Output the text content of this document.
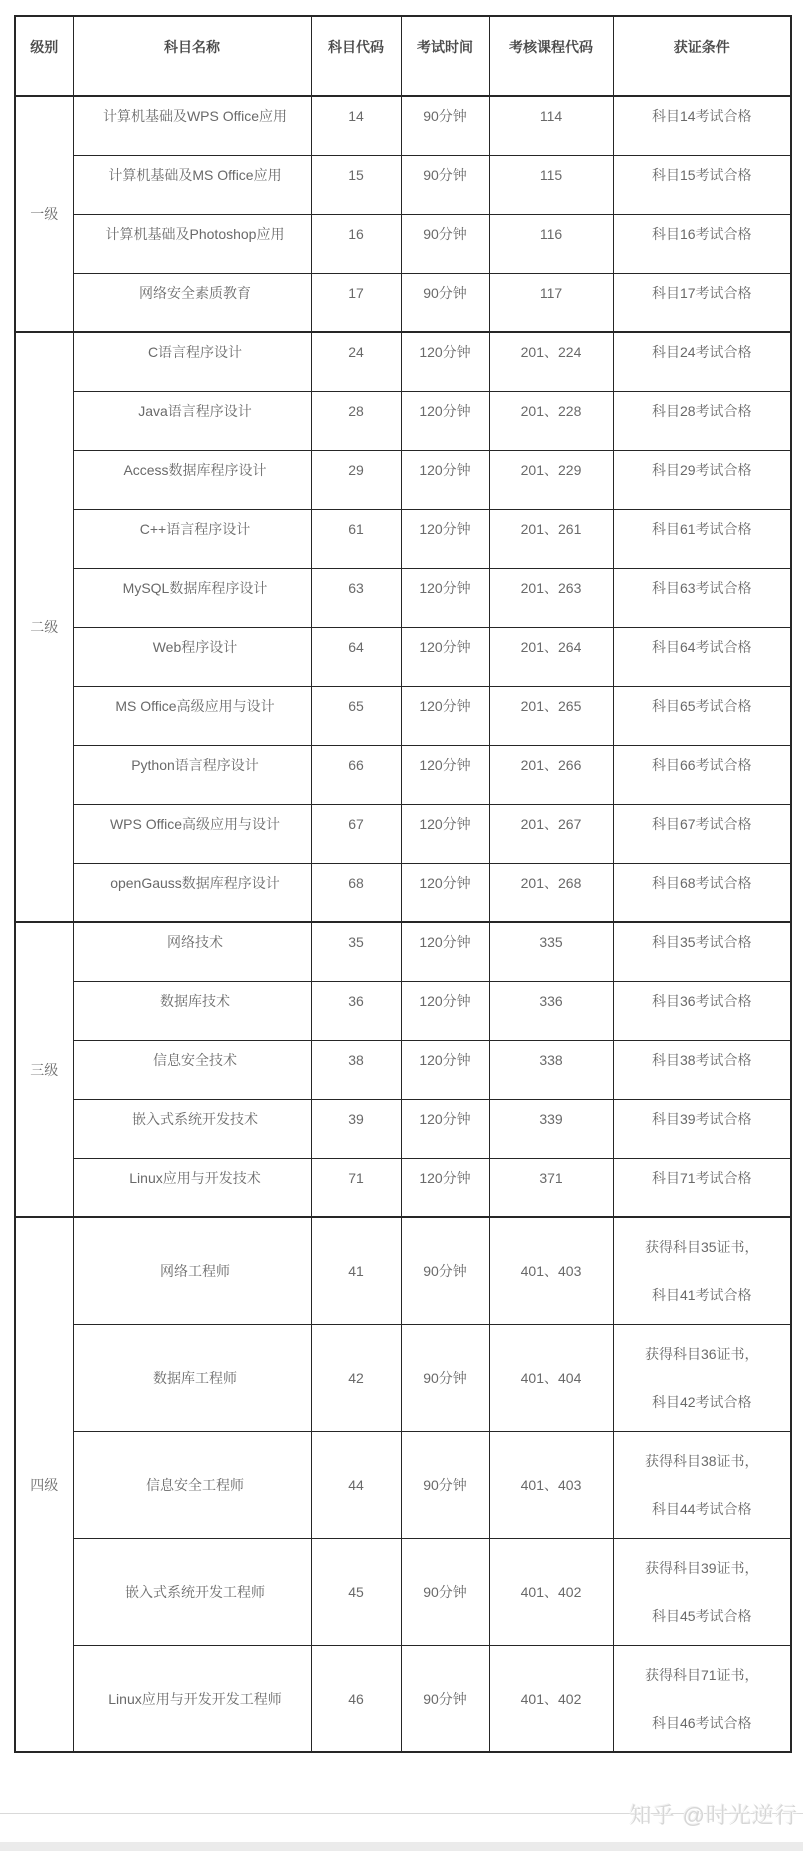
级别	科目名称	科目代码	考试时间	考核课程代码	获证条件
一级	计算机基础及WPS Office应用	14	90分钟	114	科目14考试合格

	计算机基础及MS Office应用	15	90分钟	115	科目15考试合格

	计算机基础及Photoshop应用	16	90分钟	116	科目16考试合格

	网络安全素质教育	17	90分钟	117	科目17考试合格

二级	C语言程序设计	24	120分钟	201、224	科目24考试合格

	Java语言程序设计	28	120分钟	201、228	科目28考试合格

	Access数据库程序设计	29	120分钟	201、229	科目29考试合格

	C++语言程序设计	61	120分钟	201、261	科目61考试合格

	MySQL数据库程序设计	63	120分钟	201、263	科目63考试合格

	Web程序设计	64	120分钟	201、264	科目64考试合格

	MS Office高级应用与设计	65	120分钟	201、265	科目65考试合格

	Python语言程序设计	66	120分钟	201、266	科目66考试合格

	WPS Office高级应用与设计	67	120分钟	201、267	科目67考试合格

	openGauss数据库程序设计	68	120分钟	201、268	科目68考试合格

三级	网络技术	35	120分钟	335	科目35考试合格

	数据库技术	36	120分钟	336	科目36考试合格

	信息安全技术	38	120分钟	338	科目38考试合格

	嵌入式系统开发技术	39	120分钟	339	科目39考试合格

	Linux应用与开发技术	71	120分钟	371	科目71考试合格

四级	网络工程师	41	90分钟	401、403	获得科目35证书，
科目41考试合格

	数据库工程师	42	90分钟	401、404	获得科目36证书，
科目42考试合格

	信息安全工程师	44	90分钟	401、403	获得科目38证书，
科目44考试合格

	嵌入式系统开发工程师	45	90分钟	401、402	获得科目39证书，
科目45考试合格

	Linux应用与开发开发工程师	46	90分钟	401、402	获得科目71证书，
科目46考试合格
知乎 @时光逆行
